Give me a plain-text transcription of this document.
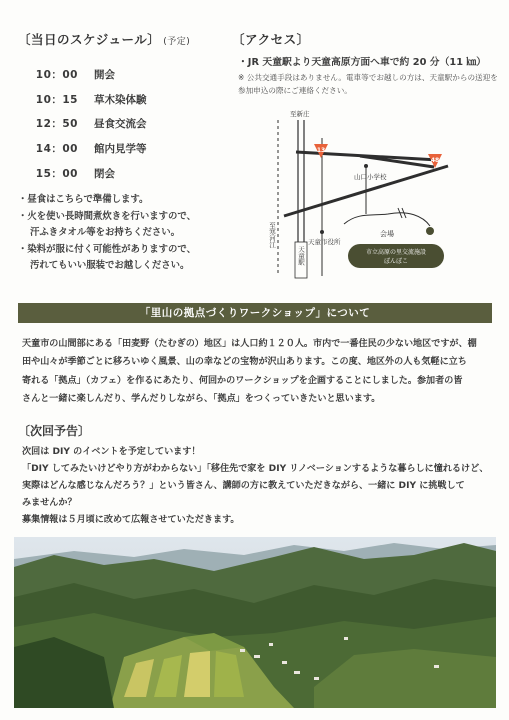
〔当日のスケジュール〕 (予定)
10：00 開会
10：15 草木染体験
12：50 昼食交流会
14：00 館内見学等
15：00 閉会
・昼食はこちらで準備します。
・火を使い長時間煮炊きを行いますので、
汗ふきタオル等をお持ちください。
・染料が服に付く可能性がありますので、
汚れてもいい服装でお越しください。
〔アクセス〕
・JR 天童駅より天童高原方面へ車で約 20 分（11 ㎞）
※ 公共交通手段はありません。電車等でお越しの方は、天童駅からの送迎を参加申込の際にご連絡ください。
13
48
山口小学校
会場
市立高原の里交流施設
ぽんぽこ
天童市役所
至新庄
至寒河江
天童駅
「里山の拠点づくりワークショップ」について
天童市の山間部にある「田麦野（たむぎの）地区」は人口約１２０人。市内で一番住民の少ない地区ですが、棚
田や山々が季節ごとに移ろいゆく風景、山の幸などの宝物が沢山あります。この度、地区外の人も気軽に立ち
寄れる「拠点」（カフェ）を作るにあたり、何回かのワークショップを企画することにしました。参加者の皆
さんと一緒に楽しんだり、学んだりしながら、「拠点」をつくっていきたいと思います。
〔次回予告〕
次回は DIY のイベントを予定しています！
「DIY してみたいけどやり方がわからない」「移住先で家を DIY リノベーションするような暮らしに憧れるけど、
実際はどんな感じなんだろう？」という皆さん、講師の方に教えていただきながら、一緒に DIY に挑戦して
みませんか？
募集情報は５月頃に改めて広報させていただきます。
